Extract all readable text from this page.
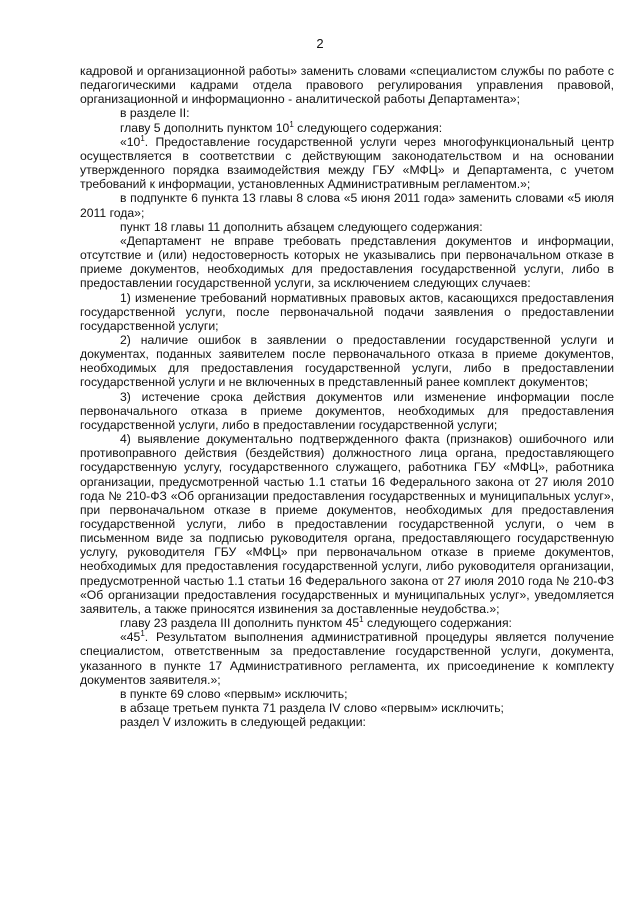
2

кадровой и организационной работы» заменить словами «специалистом службы по работе с педагогическими кадрами отдела правового регулирования управления правовой, организационной и информационно - аналитической работы Департамента»;

в разделе II:

главу 5 дополнить пунктом $10^1$ следующего содержания:

«$10^1$. Предоставление государственной услуги через многофункциональный центр осуществляется в соответствии с действующим законодательством и на основании утвержденного порядка взаимодействия между ГБУ «МФЦ» и Департамента, с учетом требований к информации, установленных Административным регламентом.»;

в подпункте 6 пункта 13 главы 8 слова «5 июня 2011 года» заменить словами «5 июля 2011 года»;

пункт 18 главы 11 дополнить абзацем следующего содержания:

«Департамент не вправе требовать представления документов и информации, отсутствие и (или) недостоверность которых не указывались при первоначальном отказе в приеме документов, необходимых для предоставления государственной услуги, либо в предоставлении государственной услуги, за исключением следующих случаев:

1) изменение требований нормативных правовых актов, касающихся предоставления государственной услуги, после первоначальной подачи заявления о предоставлении государственной услуги;

2) наличие ошибок в заявлении о предоставлении государственной услуги и документах, поданных заявителем после первоначального отказа в приеме документов, необходимых для предоставления государственной услуги, либо в предоставлении государственной услуги и не включенных в представленный ранее комплект документов;

3) истечение срока действия документов или изменение информации после первоначального отказа в приеме документов, необходимых для предоставления государственной услуги, либо в предоставлении государственной услуги;

4) выявление документально подтвержденного факта (признаков) ошибочного или противоправного действия (бездействия) должностного лица органа, предоставляющего государственную услугу, государственного служащего, работника ГБУ «МФЦ», работника организации, предусмотренной частью 1.1 статьи 16 Федерального закона от 27 июля 2010 года № 210-ФЗ «Об организации предоставления государственных и муниципальных услуг», при первоначальном отказе в приеме документов, необходимых для предоставления государственной услуги, либо в предоставлении государственной услуги, о чем в письменном виде за подписью руководителя органа, предоставляющего государственную услугу, руководителя ГБУ «МФЦ» при первоначальном отказе в приеме документов, необходимых для предоставления государственной услуги, либо руководителя организации, предусмотренной частью 1.1 статьи 16 Федерального закона от 27 июля 2010 года № 210-ФЗ «Об организации предоставления государственных и муниципальных услуг», уведомляется заявитель, а также приносятся извинения за доставленные неудобства.»;

главу 23 раздела III дополнить пунктом $45^1$ следующего содержания:

«$45^1$. Результатом выполнения административной процедуры является получение специалистом, ответственным за предоставление государственной услуги, документа, указанного в пункте 17 Административного регламента, их присоединение к комплекту документов заявителя.»;

в пункте 69 слово «первым» исключить;

в абзаце третьем пункта 71 раздела IV слово «первым» исключить;

раздел V изложить в следующей редакции:
